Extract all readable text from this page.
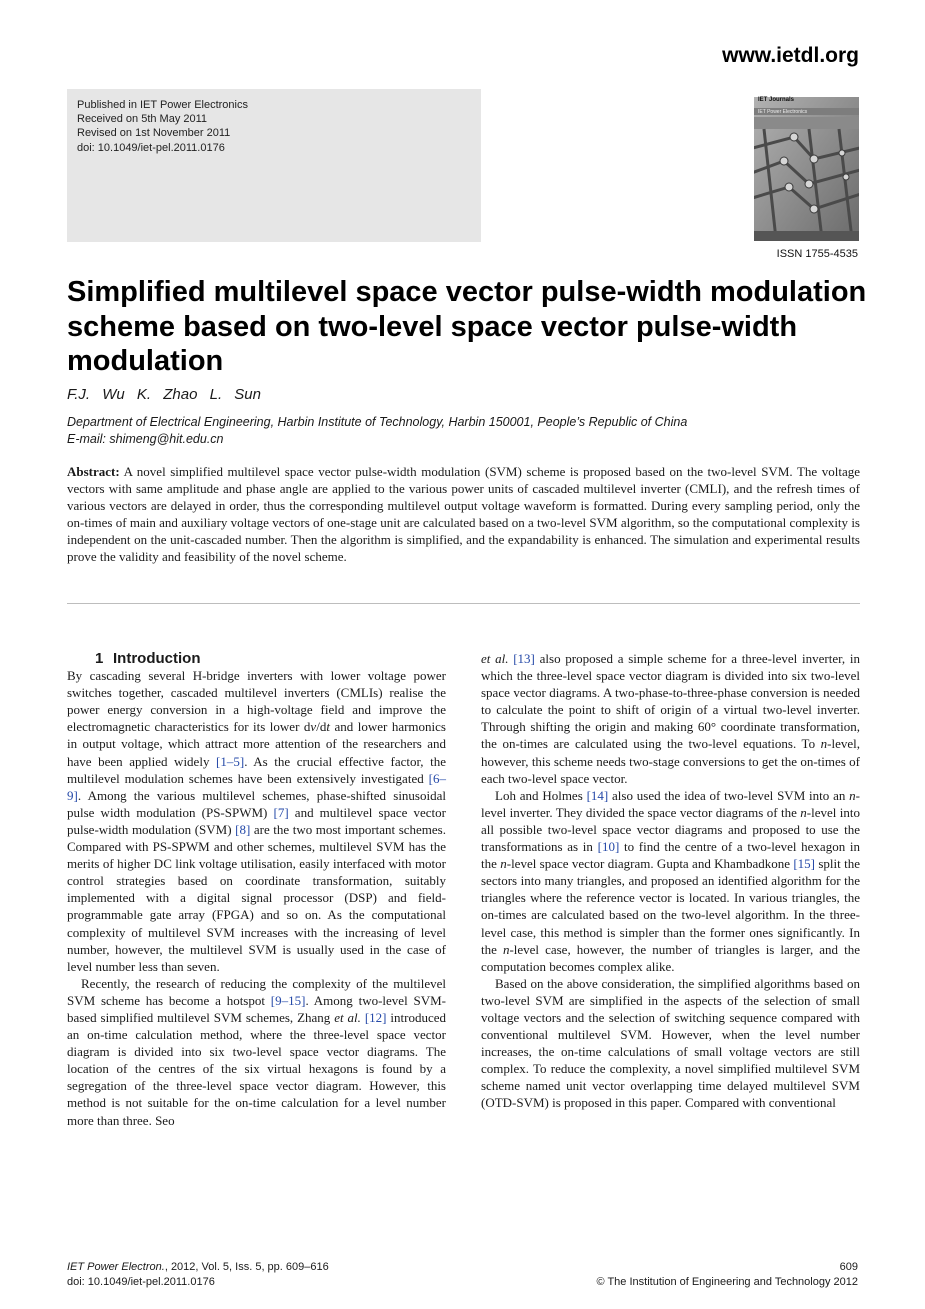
www.ietdl.org
Published in IET Power Electronics
Received on 5th May 2011
Revised on 1st November 2011
doi: 10.1049/iet-pel.2011.0176
IET Journals
IET Power Electronics
ISSN 1755-4535
Simplified multilevel space vector pulse-width modulation scheme based on two-level space vector pulse-width modulation
F.J. Wu K. Zhao L. Sun
Department of Electrical Engineering, Harbin Institute of Technology, Harbin 150001, People’s Republic of China
E-mail: shimeng@hit.edu.cn

Abstract: A novel simplified multilevel space vector pulse-width modulation (SVM) scheme is proposed based on the two-level SVM. The voltage vectors with same amplitude and phase angle are applied to the various power units of cascaded multilevel inverter (CMLI), and the refresh times of various vectors are delayed in order, thus the corresponding multilevel output voltage waveform is formatted. During every sampling period, only the on-times of main and auxiliary voltage vectors of one-stage unit are calculated based on a two-level SVM algorithm, so the computational complexity is independent on the unit-cascaded number. Then the algorithm is simplified, and the expandability is enhanced. The simulation and experimental results prove the validity and feasibility of the novel scheme.

1 Introduction

By cascading several H-bridge inverters with lower voltage power switches together, cascaded multilevel inverters (CMLIs) realise the power energy conversion in a high-voltage field and improve the electromagnetic characteristics for its lower dv/dt and lower harmonics in output voltage, which attract more attention of the researchers and have been applied widely [1–5]. As the crucial effective factor, the multilevel modulation schemes have been extensively investigated [6–9]. Among the various multilevel schemes, phase-shifted sinusoidal pulse width modulation (PS-SPWM) [7] and multilevel space vector pulse-width modulation (SVM) [8] are the two most important schemes. Compared with PS-SPWM and other schemes, multilevel SVM has the merits of higher DC link voltage utilisation, easily interfaced with motor control strategies based on coordinate transformation, suitably implemented with a digital signal processor (DSP) and field-programmable gate array (FPGA) and so on. As the computational complexity of multilevel SVM increases with the increasing of level number, however, the multilevel SVM is usually used in the case of level number less than seven.

Recently, the research of reducing the complexity of the multilevel SVM scheme has become a hotspot [9–15]. Among two-level SVM-based simplified multilevel SVM schemes, Zhang et al. [12] introduced an on-time calculation method, where the three-level space vector diagram is divided into six two-level space vector diagrams. The location of the centres of the six virtual hexagons is found by a segregation of the three-level space vector diagram. However, this method is not suitable for the on-time calculation for a level number more than three. Seo

et al. [13] also proposed a simple scheme for a three-level inverter, in which the three-level space vector diagram is divided into six two-level space vector diagrams. A two-phase-to-three-phase conversion is needed to calculate the point to shift of origin of a virtual two-level inverter. Through shifting the origin and making 60° coordinate transformation, the on-times are calculated using the two-level equations. To n-level, however, this scheme needs two-stage conversions to get the on-times of each two-level space vector.

Loh and Holmes [14] also used the idea of two-level SVM into an n-level inverter. They divided the space vector diagrams of the n-level into all possible two-level space vector diagrams and proposed to use the transformations as in [10] to find the centre of a two-level hexagon in the n-level space vector diagram. Gupta and Khambadkone [15] split the sectors into many triangles, and proposed an identified algorithm for the triangles where the reference vector is located. In various triangles, the on-times are calculated based on the two-level algorithm. In the three-level case, this method is simpler than the former ones significantly. In the n-level case, however, the number of triangles is larger, and the computation becomes complex alike.

Based on the above consideration, the simplified algorithms based on two-level SVM are simplified in the aspects of the selection of small voltage vectors and the selection of switching sequence compared with conventional multilevel SVM. However, when the level number increases, the on-time calculations of small voltage vectors are still complex. To reduce the complexity, a novel simplified multilevel SVM scheme named unit vector overlapping time delayed multilevel SVM (OTD-SVM) is proposed in this paper. Compared with conventional

IET Power Electron., 2012, Vol. 5, Iss. 5, pp. 609–616
doi: 10.1049/iet-pel.2011.0176
609
© The Institution of Engineering and Technology 2012
